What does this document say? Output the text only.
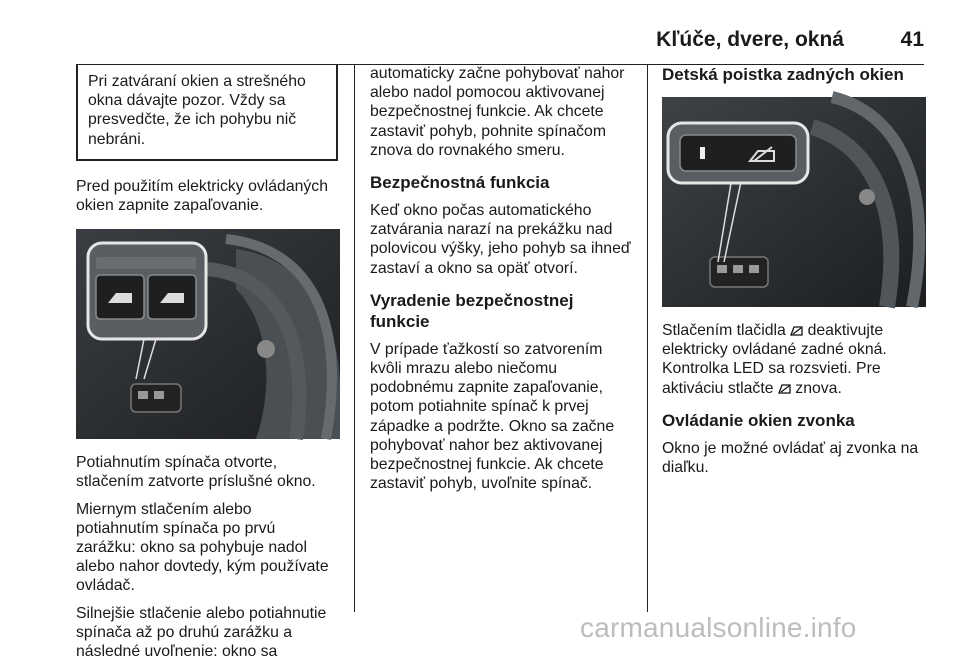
Kľúče, dvere, okná	41

Pri zatváraní okien a strešného okna dávajte pozor. Vždy sa presvedčte, že ich pohybu nič nebráni.

Pred použitím elektricky ovládaných okien zapnite zapaľovanie.

Potiahnutím spínača otvorte, stlačením zatvorte príslušné okno.

Miernym stlačením alebo potiahnutím spínača po prvú zarážku: okno sa pohybuje nadol alebo nahor dovtedy, kým používate ovládač.

Silnejšie stlačenie alebo potiahnutie spínača až po druhú zarážku a následné uvoľnenie: okno sa

automaticky začne pohybovať nahor alebo nadol pomocou aktivovanej bezpečnostnej funkcie. Ak chcete zastaviť pohyb, pohnite spínačom znova do rovnakého smeru.

Bezpečnostná funkcia

Keď okno počas automatického zatvárania narazí na prekážku nad polovicou výšky, jeho pohyb sa ihneď zastaví a okno sa opäť otvorí.

Vyradenie bezpečnostnej funkcie

V prípade ťažkostí so zatvorením kvôli mrazu alebo niečomu podobnému zapnite zapaľovanie, potom potiahnite spínač k prvej západke a podržte. Okno sa začne pohybovať nahor bez aktivovanej bezpečnostnej funkcie. Ak chcete zastaviť pohyb, uvoľnite spínač.

Detská poistka zadných okien

Stlačením tlačidla deaktivujte elektricky ovládané zadné okná. Kontrolka LED sa rozsvieti. Pre aktiváciu stlačte znova.

Ovládanie okien zvonka

Okno je možné ovládať aj zvonka na diaľku.

carmanualsonline.info
